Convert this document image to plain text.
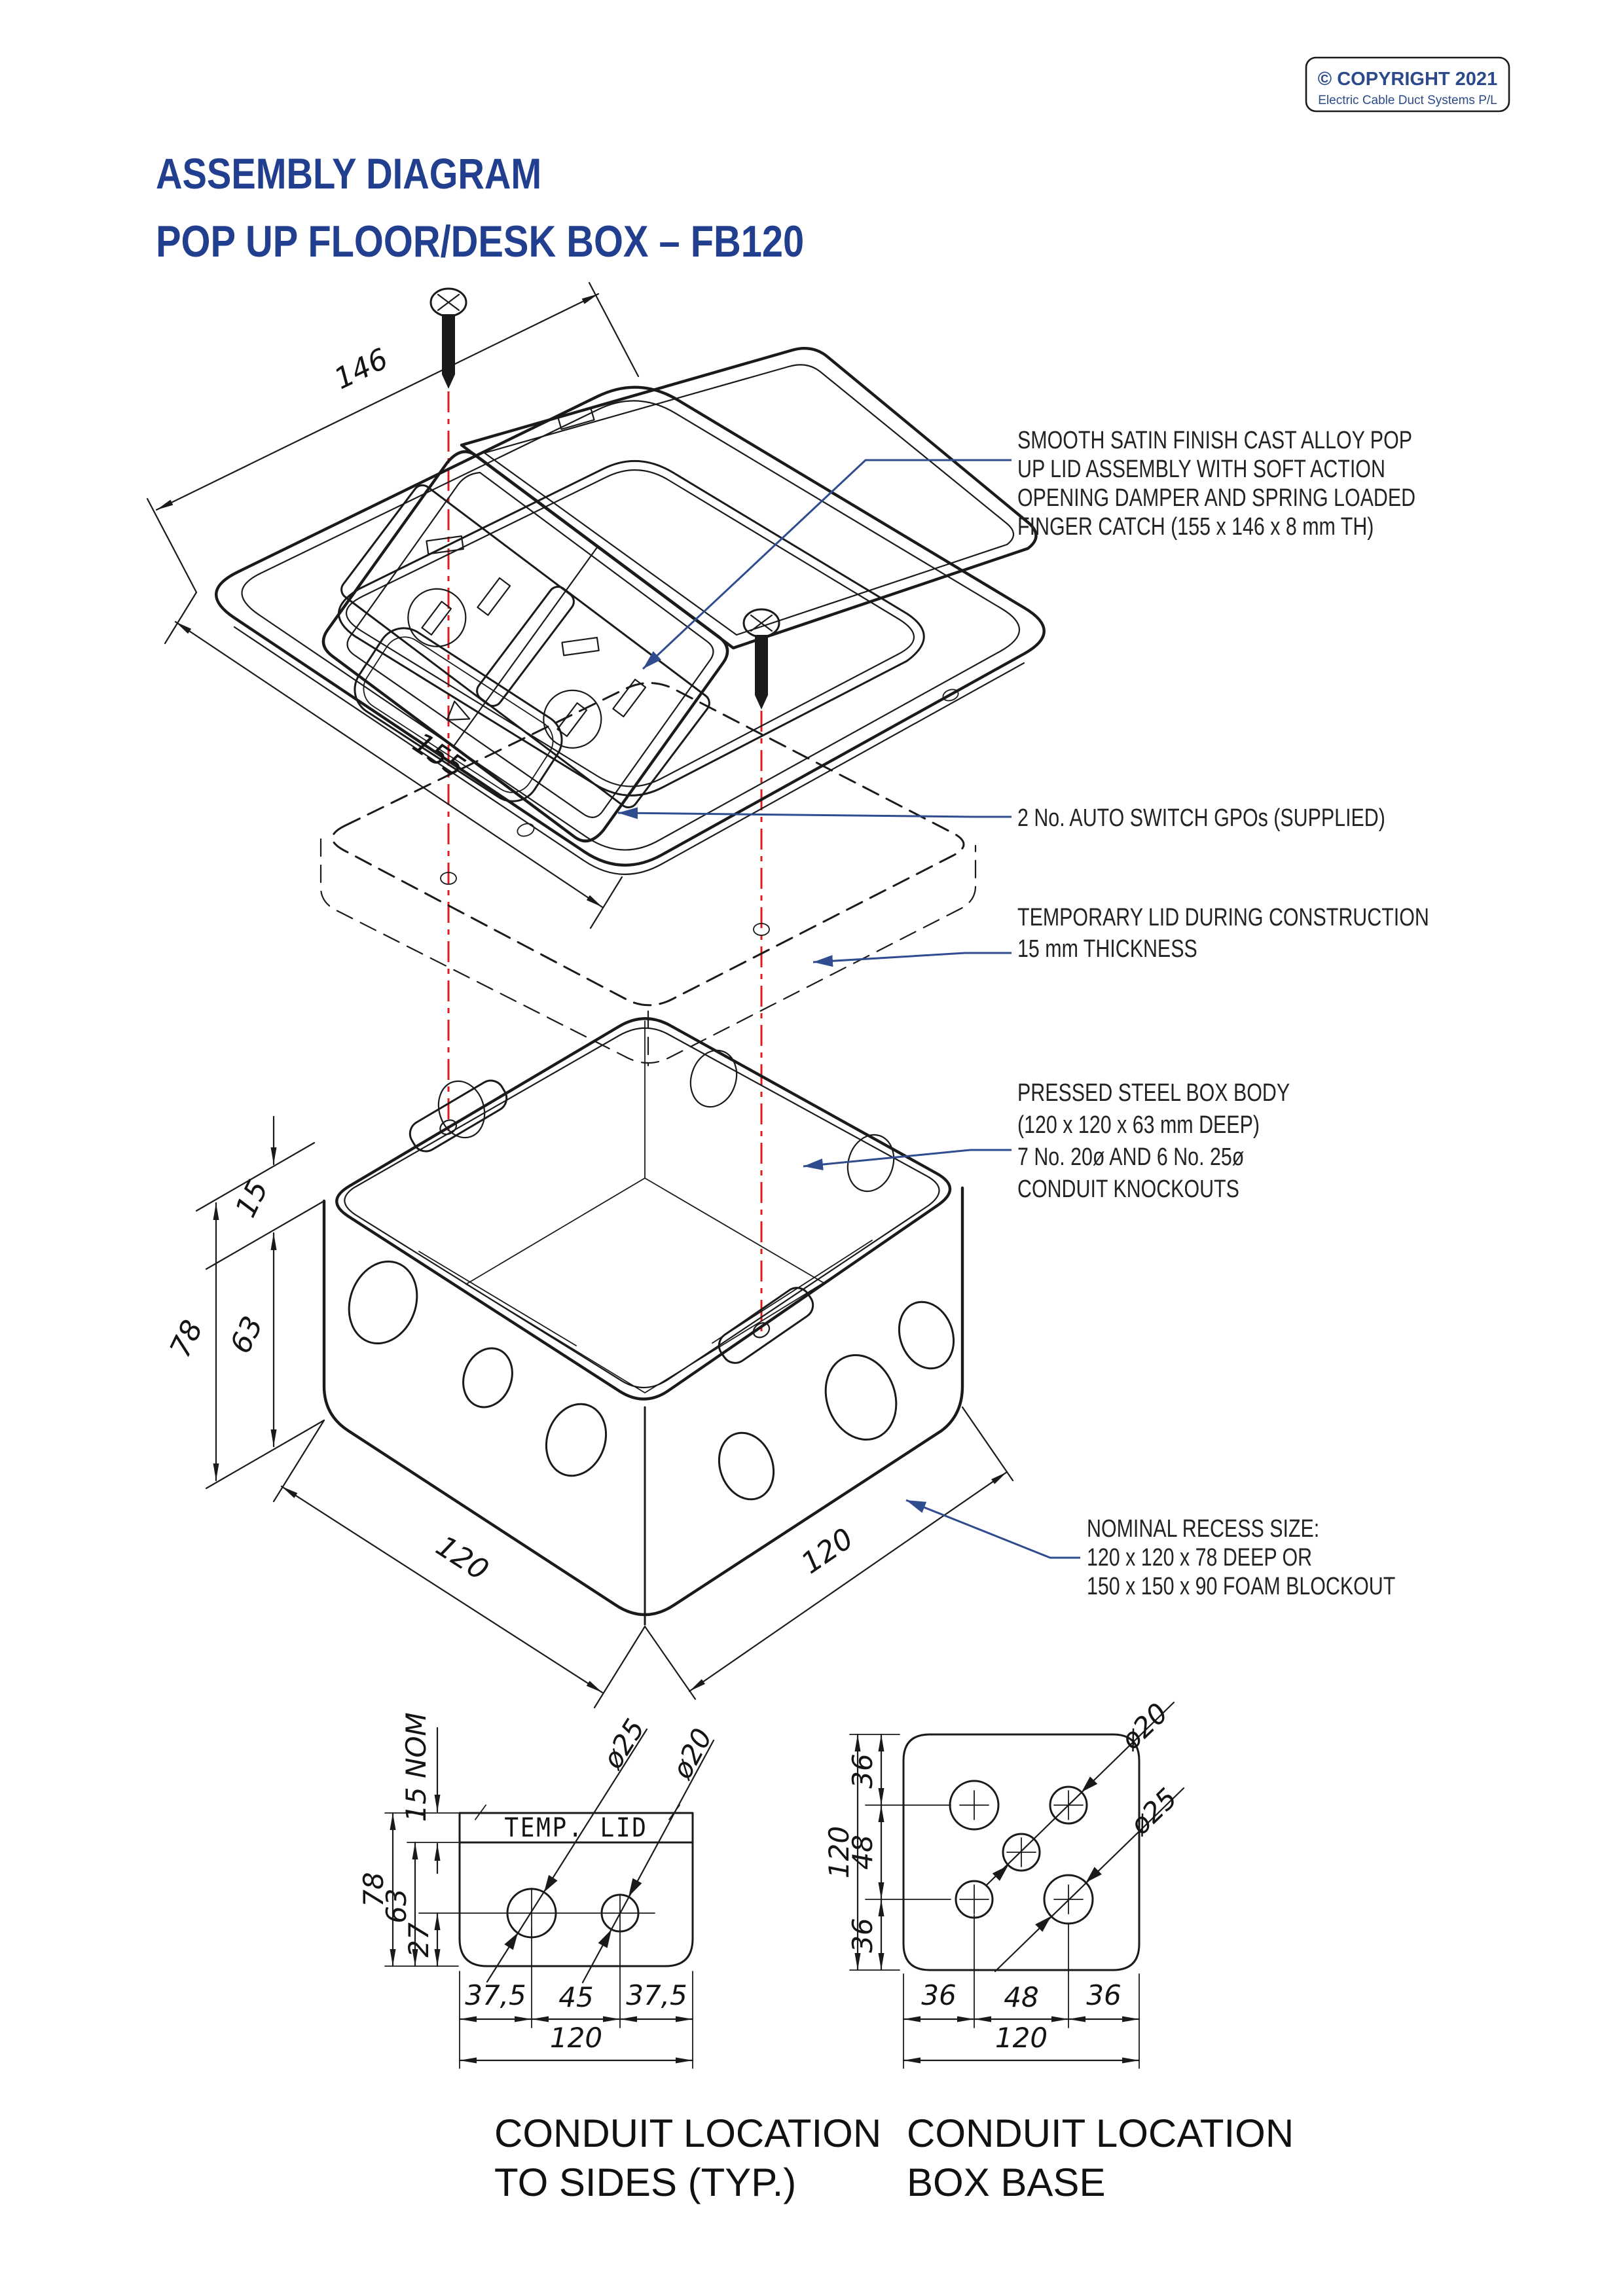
© COPYRIGHT 2021
Electric Cable Duct Systems P/L
ASSEMBLY DIAGRAM
POP UP FLOOR/DESK BOX – FB120
146
155
78 63
15
120	120
SMOOTH SATIN FINISH CAST ALLOY POP
UP LID ASSEMBLY WITH SOFT ACTION
OPENING DAMPER AND SPRING LOADED
FINGER CATCH (155 x 146 x 8 mm TH)
2 No. AUTO SWITCH GPOs (SUPPLIED)
TEMPORARY LID DURING CONSTRUCTION
15 mm THICKNESS
PRESSED STEEL BOX BODY
(120 x 120 x 63 mm DEEP)
7 No. 20ø AND 6 No. 25ø
CONDUIT KNOCKOUTS
NOMINAL RECESS SIZE:
120 x 120 x 78 DEEP OR
150 x 150 x 90 FOAM BLOCKOUT
TEMP. LID
78
63
27
15 NOM	ø25 ø20
37,5 45 37,5
120
CONDUIT LOCATION
TO SIDES (TYP.)
120
36
48
36
ø20
ø25
36 48 36
120
CONDUIT LOCATION
BOX BASE
